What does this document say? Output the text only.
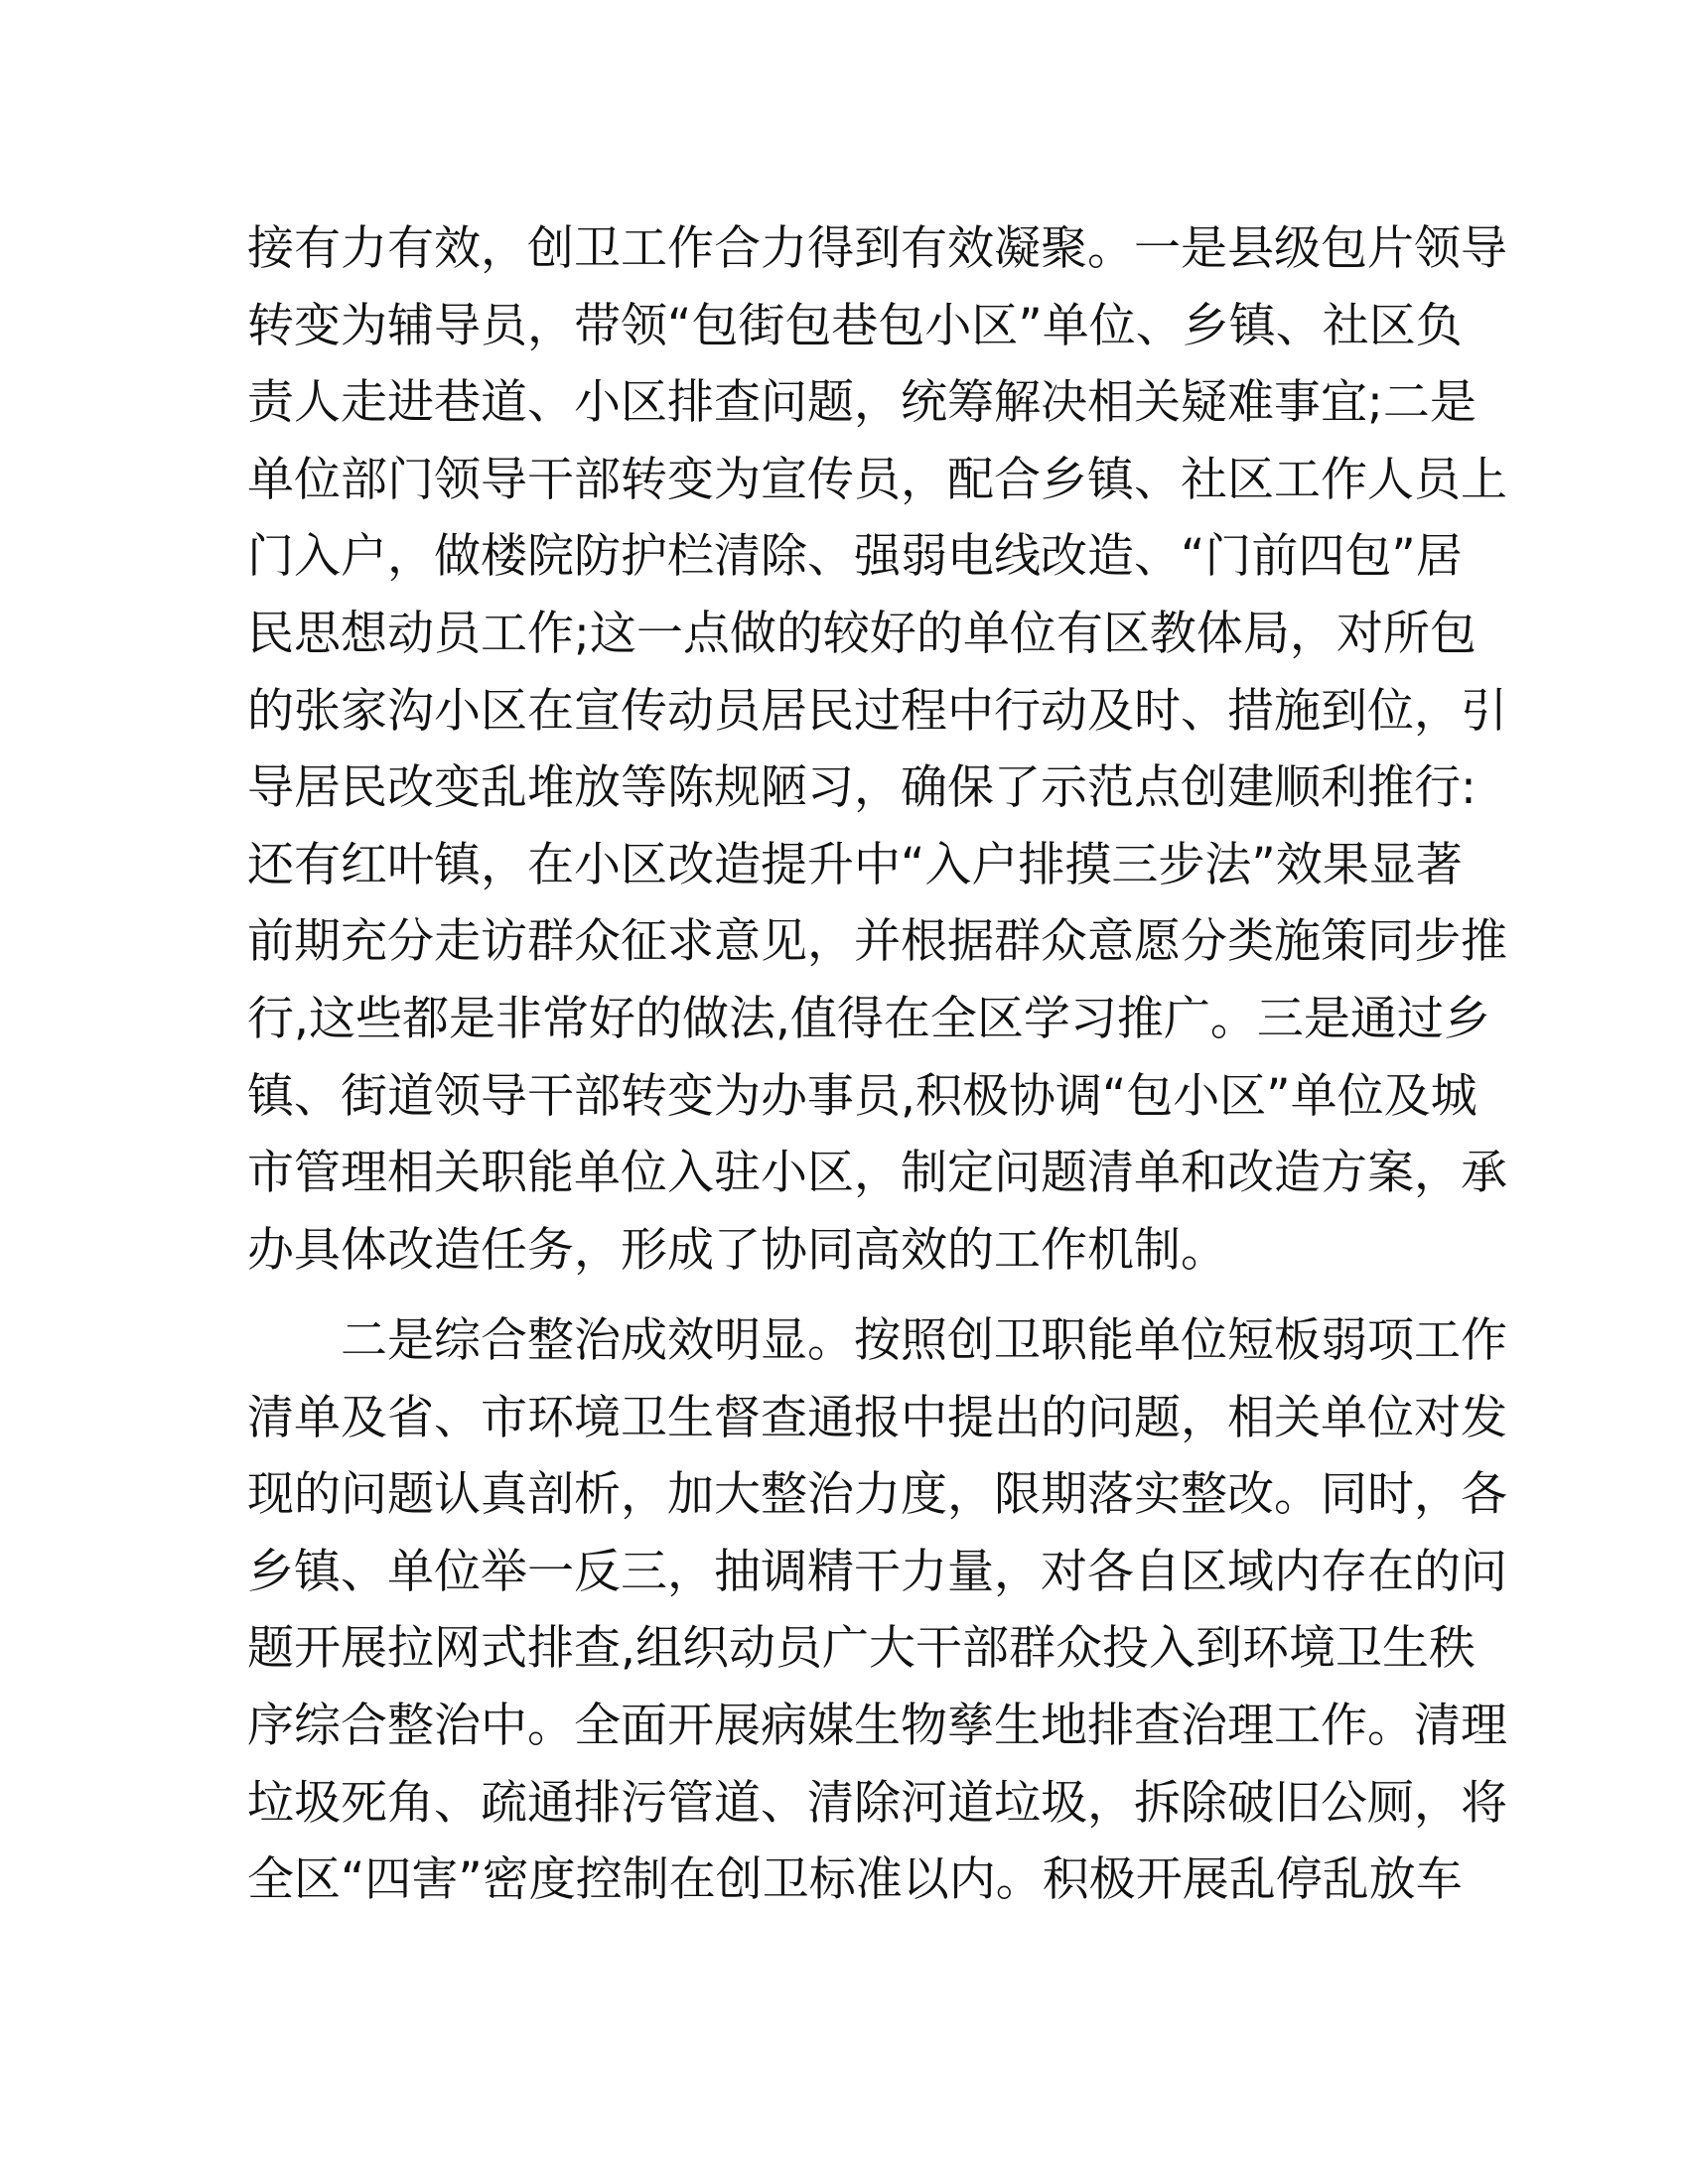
接有力有效，创卫工作合力得到有效凝聚。一是县级包片领导
转变为辅导员，带领“包街包巷包小区”单位、乡镇、社区负
责人走进巷道、小区排查问题，统筹解决相关疑难事宜;二是
单位部门领导干部转变为宣传员，配合乡镇、社区工作人员上
门入户，做楼院防护栏清除、强弱电线改造、“门前四包”居
民思想动员工作;这一点做的较好的单位有区教体局，对所包
的张家沟小区在宣传动员居民过程中行动及时、措施到位，引
导居民改变乱堆放等陈规陋习，确保了示范点创建顺利推行:
还有红叶镇，在小区改造提升中“入户排摸三步法”效果显著
前期充分走访群众征求意见，并根据群众意愿分类施策同步推
行,这些都是非常好的做法,值得在全区学习推广。三是通过乡
镇、街道领导干部转变为办事员,积极协调“包小区”单位及城
市管理相关职能单位入驻小区，制定问题清单和改造方案，承
办具体改造任务，形成了协同高效的工作机制。
二是综合整治成效明显。按照创卫职能单位短板弱项工作
清单及省、市环境卫生督查通报中提出的问题，相关单位对发
现的问题认真剖析，加大整治力度，限期落实整改。同时，各
乡镇、单位举一反三，抽调精干力量，对各自区域内存在的问
题开展拉网式排查,组织动员广大干部群众投入到环境卫生秩
序综合整治中。全面开展病媒生物孳生地排查治理工作。清理
垃圾死角、疏通排污管道、清除河道垃圾，拆除破旧公厕，将
全区“四害”密度控制在创卫标准以内。积极开展乱停乱放车
